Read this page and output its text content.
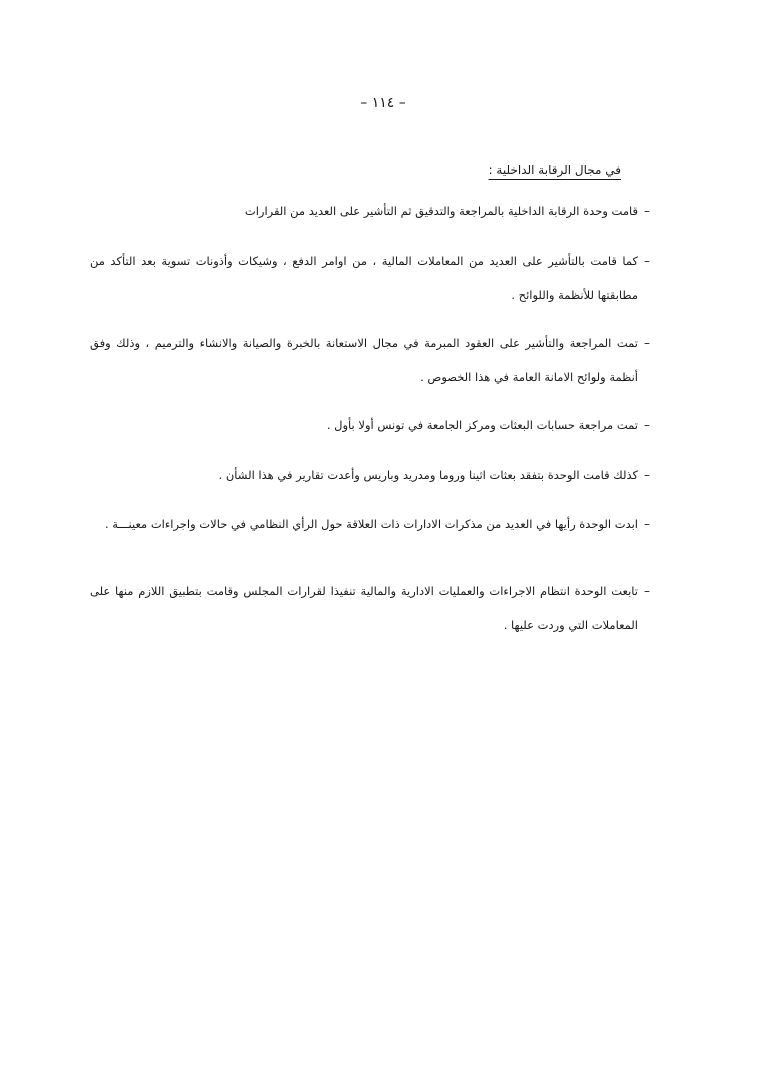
– ١١٤ –
في مجال الرقابة الداخلية :
–
قامت وحدة الرقابة الداخلية بالمراجعة والتدقيق ثم التأشير على العديد من القرارات
–
كما قامت بالتأشير على العديد من المعاملات المالية ، من اوامر الدفع ، وشيكات وأذونات تسوية بعد التأكد من مطابقتها للأنظمة واللوائح .
–
تمت المراجعة والتأشير على العقود المبرمة في مجال الاستعانة بالخبرة والصيانة والانشاء والترميم ، وذلك وفق أنظمة ولوائح الامانة العامة في هذا الخصوص .
–
تمت مراجعة حسابات البعثات ومركز الجامعة في تونس أولا بأول .
–
كذلك قامت الوحدة بتفقد بعثات اثينا وروما ومدريد وباريس وأعدت تقارير في هذا الشأن .
–
ابدت الوحدة رأيها في العديد من مذكرات الادارات ذات العلاقة حول الرأي النظامي في حالات واجراءات معينـــة .
–
تابعت الوحدة انتظام الاجراءات والعمليات الادارية والمالية تنفيذا لقرارات المجلس وقامت بتطبيق اللازم منها على المعاملات التي وردت عليها .
